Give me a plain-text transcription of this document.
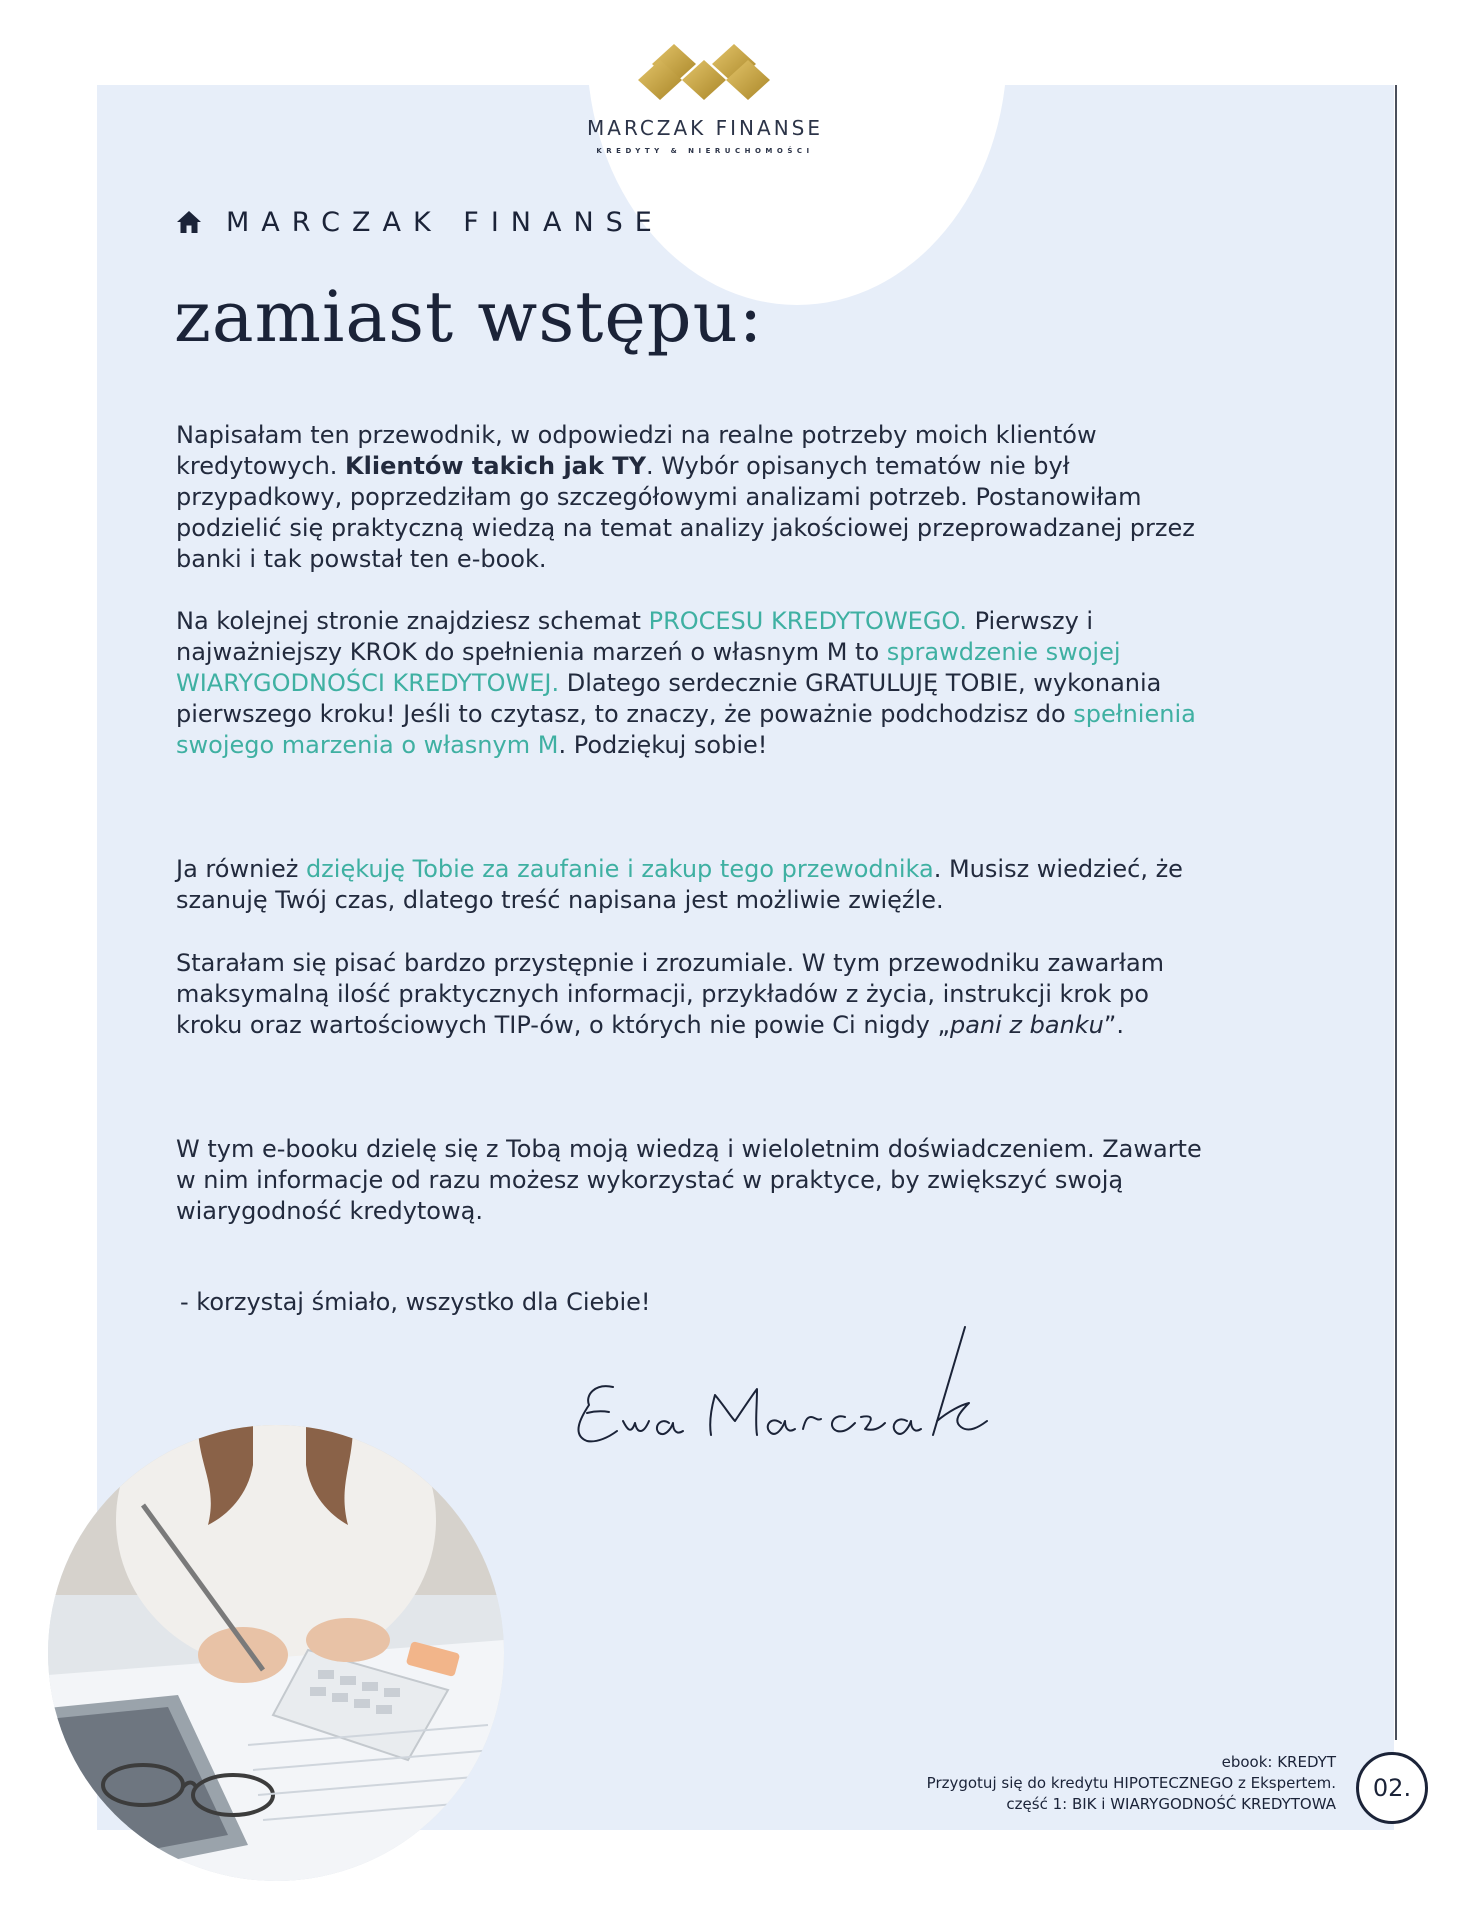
MARCZAK FINANSE
KREDYTY & NIERUCHOMOŚCI
MARCZAK FINANSE
zamiast wstępu:

Napisałam ten przewodnik, w odpowiedzi na realne potrzeby moich klientów kredytowych. Klientów takich jak TY. Wybór opisanych tematów nie był przypadkowy, poprzedziłam go szczegółowymi analizami potrzeb. Postanowiłam podzielić się praktyczną wiedzą na temat analizy jakościowej przeprowadzanej przez banki i tak powstał ten e-book.

Na kolejnej stronie znajdziesz schemat PROCESU KREDYTOWEGO. Pierwszy i najważniejszy KROK do spełnienia marzeń o własnym M to sprawdzenie swojej WIARYGODNOŚCI KREDYTOWEJ. Dlatego serdecznie GRATULUJĘ TOBIE, wykonania pierwszego kroku! Jeśli to czytasz, to znaczy, że poważnie podchodzisz do spełnienia swojego marzenia o własnym M. Podziękuj sobie!

Ja również dziękuję Tobie za zaufanie i zakup tego przewodnika. Musisz wiedzieć, że szanuję Twój czas, dlatego treść napisana jest możliwie zwięźle.

Starałam się pisać bardzo przystępnie i zrozumiale. W tym przewodniku zawarłam maksymalną ilość praktycznych informacji, przykładów z życia, instrukcji krok po kroku oraz wartościowych TIP-ów, o których nie powie Ci nigdy „pani z banku”.

W tym e-booku dzielę się z Tobą moją wiedzą i wieloletnim doświadczeniem. Zawarte w nim informacje od razu możesz wykorzystać w praktyce, by zwiększyć swoją wiarygodność kredytową.

- korzystaj śmiało, wszystko dla Ciebie!
ebook: KREDYT
Przygotuj się do kredytu HIPOTECZNEGO z Ekspertem.
część 1: BIK i WIARYGODNOŚĆ KREDYTOWA
02.
